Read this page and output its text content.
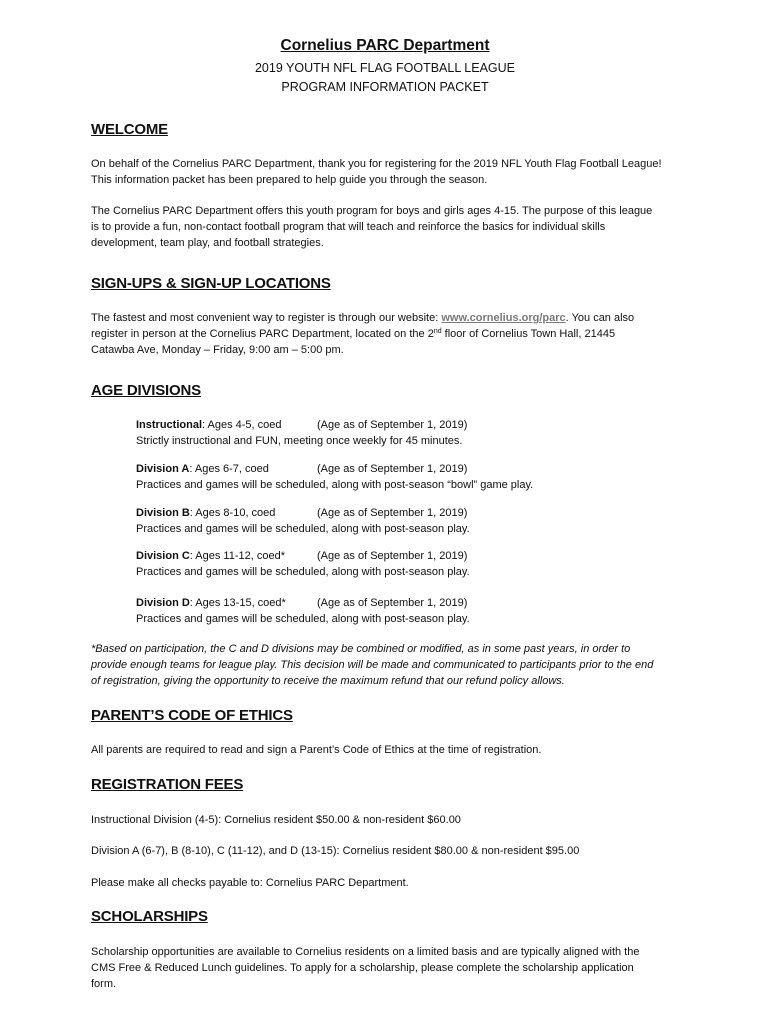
Cornelius PARC Department
2019 YOUTH NFL FLAG FOOTBALL LEAGUE
PROGRAM INFORMATION PACKET
WELCOME
On behalf of the Cornelius PARC Department, thank you for registering for the 2019 NFL Youth Flag Football League!
This information packet has been prepared to help guide you through the season.
The Cornelius PARC Department offers this youth program for boys and girls ages 4-15. The purpose of this league
is to provide a fun, non-contact football program that will teach and reinforce the basics for individual skills
development, team play, and football strategies.
SIGN-UPS & SIGN-UP LOCATIONS
The fastest and most convenient way to register is through our website: www.cornelius.org/parc. You can also
register in person at the Cornelius PARC Department, located on the 2nd floor of Cornelius Town Hall, 21445
Catawba Ave, Monday – Friday, 9:00 am – 5:00 pm.
AGE DIVISIONS
Instructional: Ages 4-5, coed	(Age as of September 1, 2019)
Strictly instructional and FUN, meeting once weekly for 45 minutes.
Division A: Ages 6-7, coed	(Age as of September 1, 2019)
Practices and games will be scheduled, along with post-season “bowl” game play.
Division B: Ages 8-10, coed	(Age as of September 1, 2019)
Practices and games will be scheduled, along with post-season play.
Division C: Ages 11-12, coed*	(Age as of September 1, 2019)
Practices and games will be scheduled, along with post-season play.
Division D: Ages 13-15, coed*	(Age as of September 1, 2019)
Practices and games will be scheduled, along with post-season play.
*Based on participation, the C and D divisions may be combined or modified, as in some past years, in order to
provide enough teams for league play. This decision will be made and communicated to participants prior to the end
of registration, giving the opportunity to receive the maximum refund that our refund policy allows.
PARENT’S CODE OF ETHICS
All parents are required to read and sign a Parent’s Code of Ethics at the time of registration.
REGISTRATION FEES
Instructional Division (4-5): Cornelius resident $50.00 & non-resident $60.00
Division A (6-7), B (8-10), C (11-12), and D (13-15): Cornelius resident $80.00 & non-resident $95.00
Please make all checks payable to: Cornelius PARC Department.
SCHOLARSHIPS
Scholarship opportunities are available to Cornelius residents on a limited basis and are typically aligned with the
CMS Free & Reduced Lunch guidelines. To apply for a scholarship, please complete the scholarship application
form.
